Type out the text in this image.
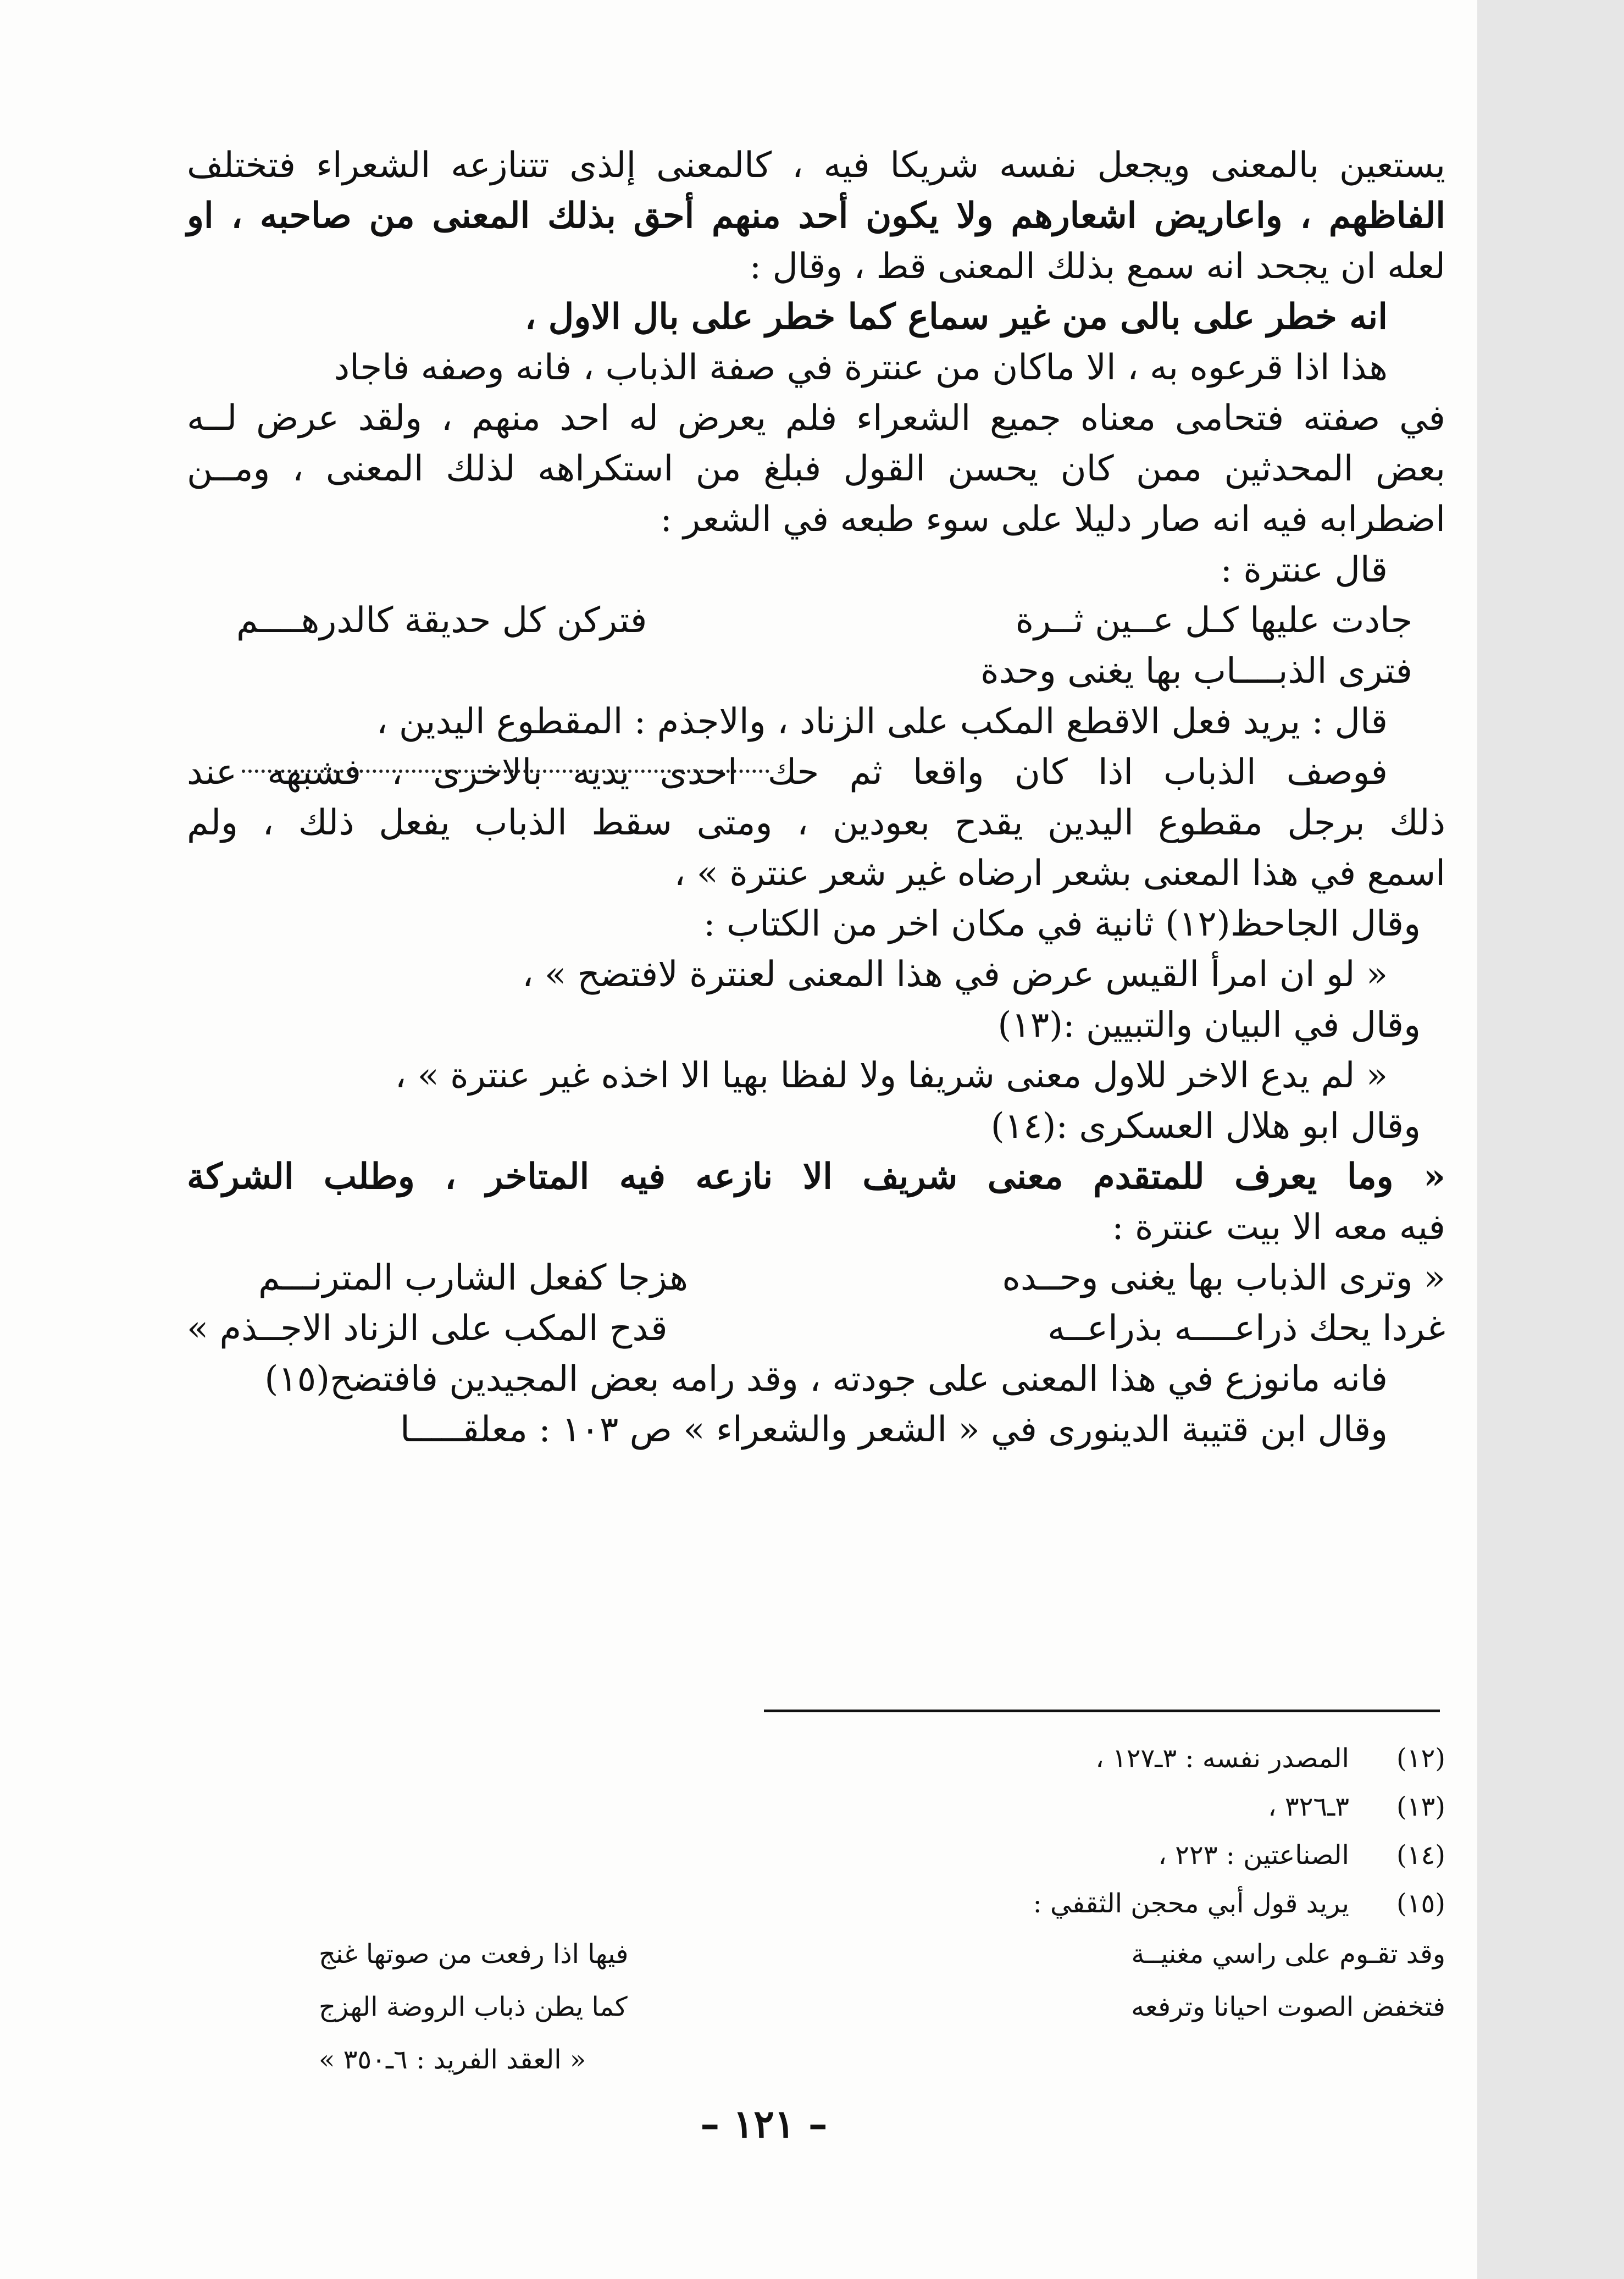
يستعين بالمعنى ويجعل نفسه شريكا فيه ، كالمعنى إلذى تتنازعه الشعراء فتختلف
الفاظهم ، واعاريض اشعارهم ولا يكون أحد منهم أحق بذلك المعنى من صاحبه ، او
لعله ان يجحد انه سمع بذلك المعنى قط ، وقال :
انه خطر على بالى من غير سماع كما خطر على بال الاول ،
هذا اذا قرعوه به ، الا ماكان من عنترة في صفة الذباب ، فانه وصفه فاجاد
في صفته فتحامى معناه جميع الشعراء فلم يعرض له احد منهم ، ولقد عرض لــه
بعض المحدثين ممن كان يحسن القول فبلغ من استكراهه لذلك المعنى ، ومــن
اضطرابه فيه انه صار دليلا على سوء طبعه في الشعر :
قال عنترة :
جادت عليها كـل عــين ثــرة
فتركن كل حديقة كالدرهــــم
فترى الذبــــاب بها يغنى وحدة
قال : يريد فعل الاقطع المكب على الزناد ، والاجذم : المقطوع اليدين ،
فوصف الذباب اذا كان واقعا ثم حك احدى يديه بالاخرى ، فشبهه عند
ذلك برجل مقطوع اليدين يقدح بعودين ، ومتى سقط الذباب يفعل ذلك ، ولم
اسمع في هذا المعنى بشعر ارضاه غير شعر عنترة » ،
وقال الجاحظ(١٢) ثانية في مكان اخر من الكتاب :
« لو ان امرأ القيس عرض في هذا المعنى لعنترة لافتضح » ،
وقال في البيان والتبيين :(١٣)
« لم يدع الاخر للاول معنى شريفا ولا لفظا بهيا الا اخذه غير عنترة » ،
وقال ابو هلال العسكرى :(١٤)
« وما يعرف للمتقدم معنى شريف الا نازعه فيه المتاخر ، وطلب الشركة
فيه معه الا بيت عنترة :
« وترى الذباب بها يغنى وحــده
هزجا كفعل الشارب المترنـــم
غردا يحك ذراعــــه بذراعــه
قدح المكب على الزناد الاجــذم »
فانه مانوزع في هذا المعنى على جودته ، وقد رامه بعض المجيدين فافتضح(١٥)
وقال ابن قتيبة الدينورى في « الشعر والشعراء » ص ١٠٣ : معلقـــــا
(١٢)
المصدر نفسه : ٣ـ١٢٧ ،
(١٣)
٣ـ٣٢٦ ،
(١٤)
الصناعتين : ٢٢٣ ،
(١٥)
يريد قول أبي محجن الثقفي :
وقد تقـوم على راسي مغنيــة
فيها اذا رفعت من صوتها غنج
فتخفض الصوت احيانا وترفعه
كما يطن ذباب الروضة الهزج
« العقد الفريد : ٦ـ٣٥٠ »
– ١٢١ –
